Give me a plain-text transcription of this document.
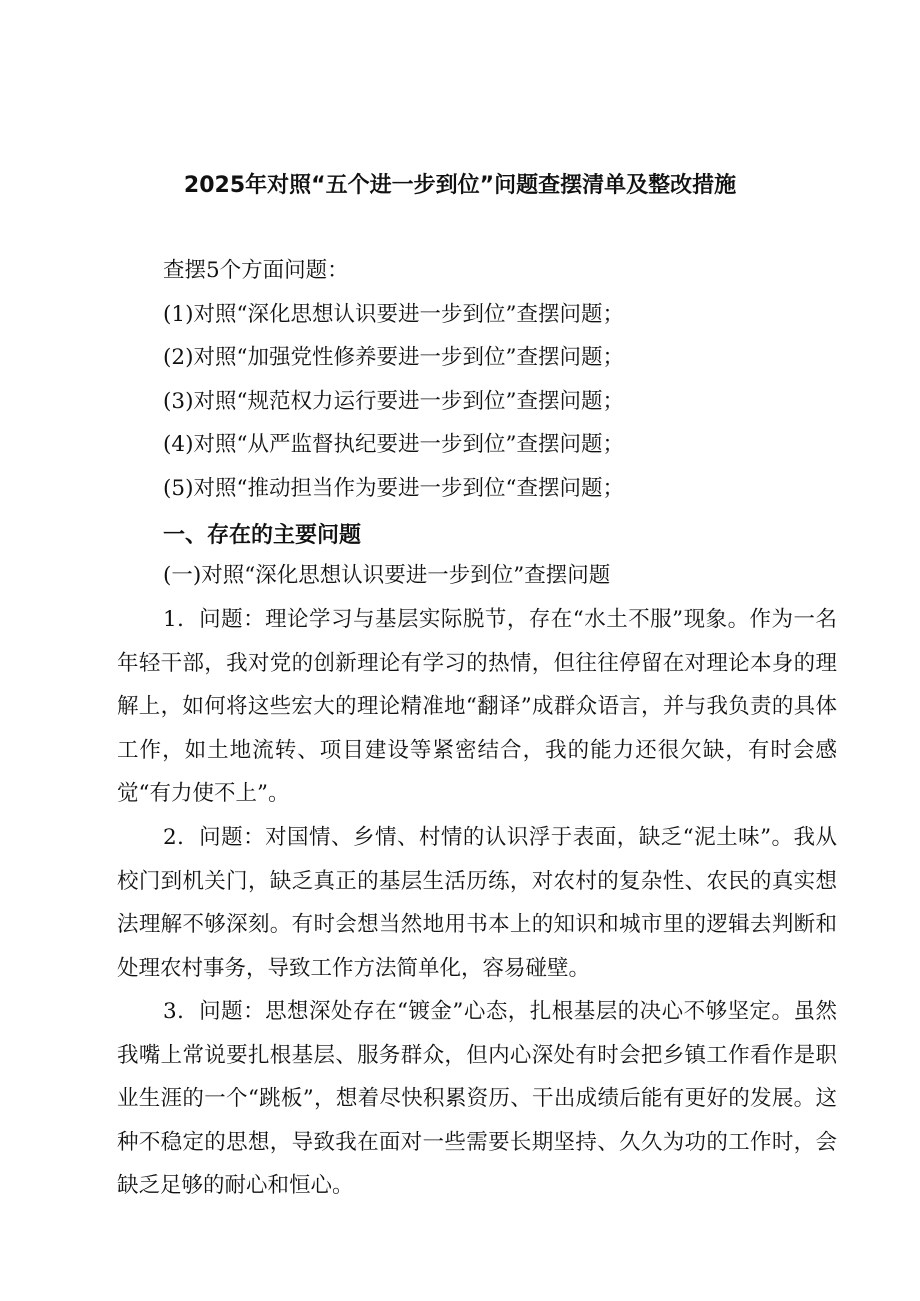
2025年对照“五个进一步到位”问题查摆清单及整改措施
查摆5个方面问题：
(1)对照“深化思想认识要进一步到位”查摆问题；
(2)对照“加强党性修养要进一步到位”查摆问题；
(3)对照“规范权力运行要进一步到位”查摆问题；
(4)对照“从严监督执纪要进一步到位”查摆问题；
(5)对照“推动担当作为要进一步到位“查摆问题；
一、存在的主要问题
(一)对照“深化思想认识要进一步到位”查摆问题
1．问题：理论学习与基层实际脱节，存在“水土不服”现象。作为一名年轻干部，我对党的创新理论有学习的热情，但往往停留在对理论本身的理解上，如何将这些宏大的理论精准地“翻译”成群众语言，并与我负责的具体工作，如土地流转、项目建设等紧密结合，我的能力还很欠缺，有时会感觉“有力使不上”。
2．问题：对国情、乡情、村情的认识浮于表面，缺乏“泥土味”。我从校门到机关门，缺乏真正的基层生活历练，对农村的复杂性、农民的真实想法理解不够深刻。有时会想当然地用书本上的知识和城市里的逻辑去判断和处理农村事务，导致工作方法简单化，容易碰壁。
3．问题：思想深处存在“镀金”心态，扎根基层的决心不够坚定。虽然我嘴上常说要扎根基层、服务群众，但内心深处有时会把乡镇工作看作是职业生涯的一个“跳板”，想着尽快积累资历、干出成绩后能有更好的发展。这种不稳定的思想，导致我在面对一些需要长期坚持、久久为功的工作时，会缺乏足够的耐心和恒心。
